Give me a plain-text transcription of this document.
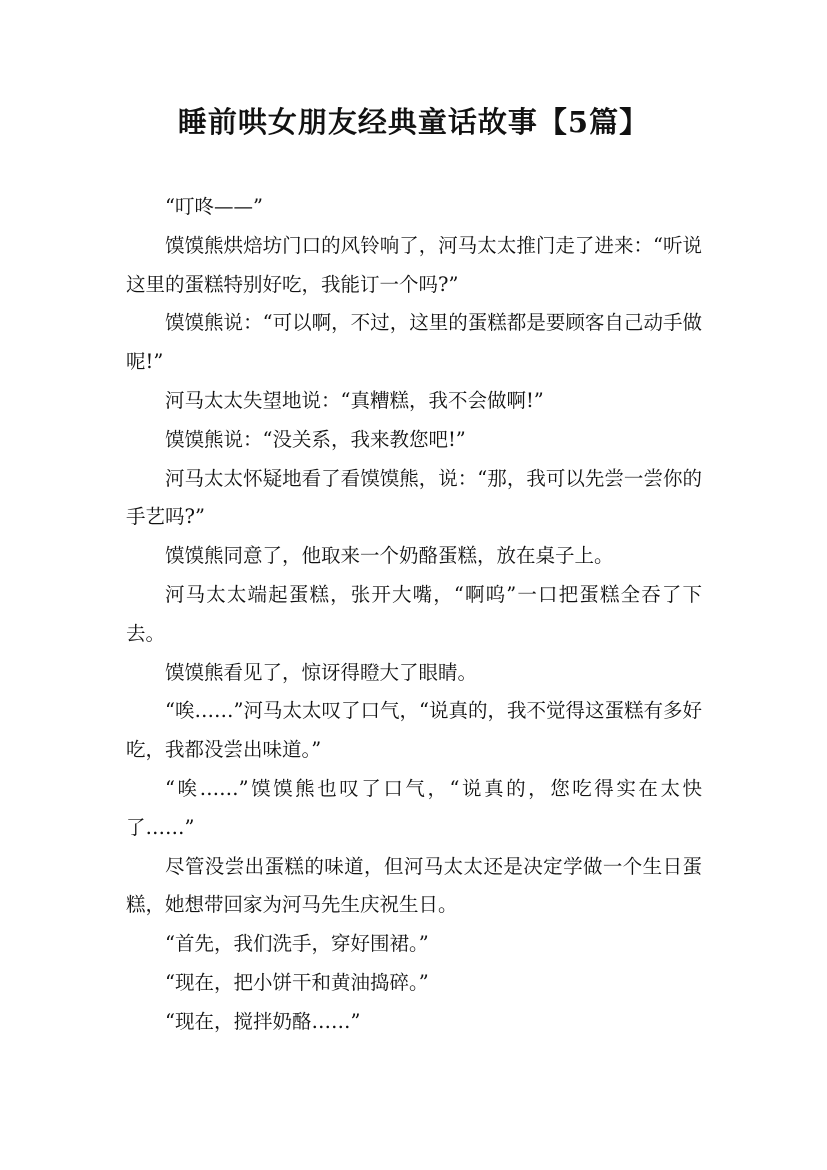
睡前哄女朋友经典童话故事【5篇】

“叮咚——”

馍馍熊烘焙坊门口的风铃响了，河马太太推门走了进来：“听说这里的蛋糕特别好吃，我能订一个吗?”

馍馍熊说：“可以啊，不过，这里的蛋糕都是要顾客自己动手做呢!”

河马太太失望地说：“真糟糕，我不会做啊!”

馍馍熊说：“没关系，我来教您吧!”

河马太太怀疑地看了看馍馍熊，说：“那，我可以先尝一尝你的手艺吗?”

馍馍熊同意了，他取来一个奶酪蛋糕，放在桌子上。

河马太太端起蛋糕，张开大嘴，“啊呜”一口把蛋糕全吞了下去。

馍馍熊看见了，惊讶得瞪大了眼睛。

“唉……”河马太太叹了口气，“说真的，我不觉得这蛋糕有多好吃，我都没尝出味道。”

“唉……”馍馍熊也叹了口气，“说真的，您吃得实在太快了……”

尽管没尝出蛋糕的味道，但河马太太还是决定学做一个生日蛋糕，她想带回家为河马先生庆祝生日。

“首先，我们洗手，穿好围裙。”

“现在，把小饼干和黄油捣碎。”

“现在，搅拌奶酪……”
